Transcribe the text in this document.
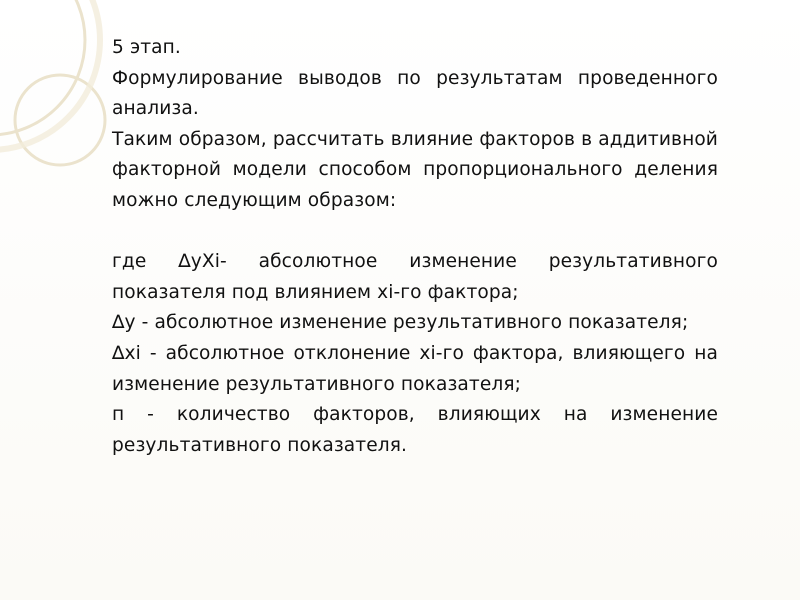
5 этап.

Формулирование выводов по результатам проведенного анализа.

Таким образом, рассчитать влияние факторов в аддитивной факторной модели способом пропорционального деления можно следующим образом:

где ∆уXi- абсолютное изменение результативного показателя под влиянием хi-го фактора;

∆у - абсолютное изменение результативного показателя;

∆хi - абсолютное отклонение хi-го фактора, влияющего на изменение результативного показателя;

п - количество факторов, влияющих на изменение результативного показателя.
